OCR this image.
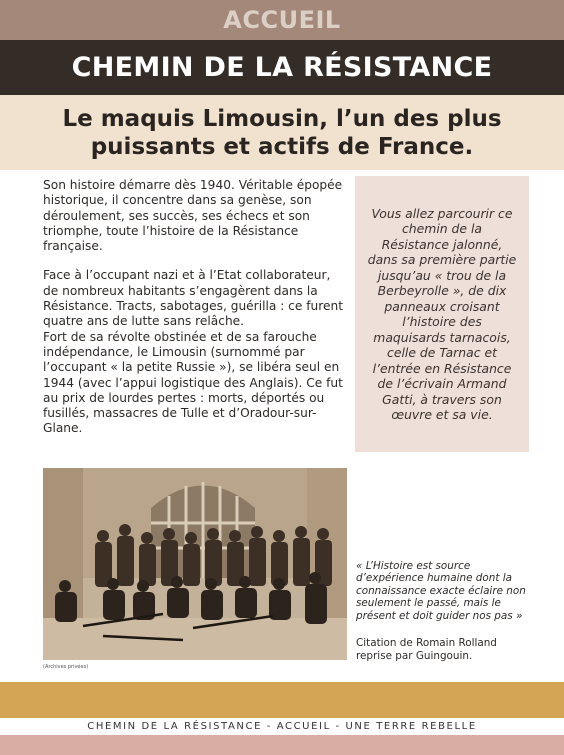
ACCUEIL
CHEMIN DE LA RÉSISTANCE
Le maquis Limousin, l’un des plus puissants et actifs de France.

Son histoire démarre dès 1940. Véritable épopée historique, il concentre dans sa genèse, son déroulement, ses succès, ses échecs et son triomphe, toute l’histoire de la Résistance française.

Face à l’occupant nazi et à l’Etat collaborateur, de nombreux habitants s’engagèrent dans la Résistance. Tracts, sabotages, guérilla : ce furent quatre ans de lutte sans relâche.

Fort de sa révolte obstinée et de sa farouche indépendance, le Limousin (surnommé par l’occupant « la petite Russie »), se libéra seul en 1944 (avec l’appui logistique des Anglais). Ce fut au prix de lourdes pertes : morts, déportés ou fusillés, massacres de Tulle et d’Oradour-sur-Glane.

Vous allez parcourir ce chemin de la Résistance jalonné, dans sa première partie jusqu’au « trou de la Berbeyrolle », de dix panneaux croisant l’histoire des maquisards tarnacois, celle de Tarnac et l’entrée en Résistance de l’écrivain Armand Gatti, à travers son œuvre et sa vie.
(Archives privées)
« L’Histoire est source d’expérience humaine dont la connaissance exacte éclaire non seulement le passé, mais le présent et doit guider nos pas »
Citation de Romain Rolland reprise par Guingouin.
CHEMIN DE LA RÉSISTANCE - ACCUEIL - UNE TERRE REBELLE
